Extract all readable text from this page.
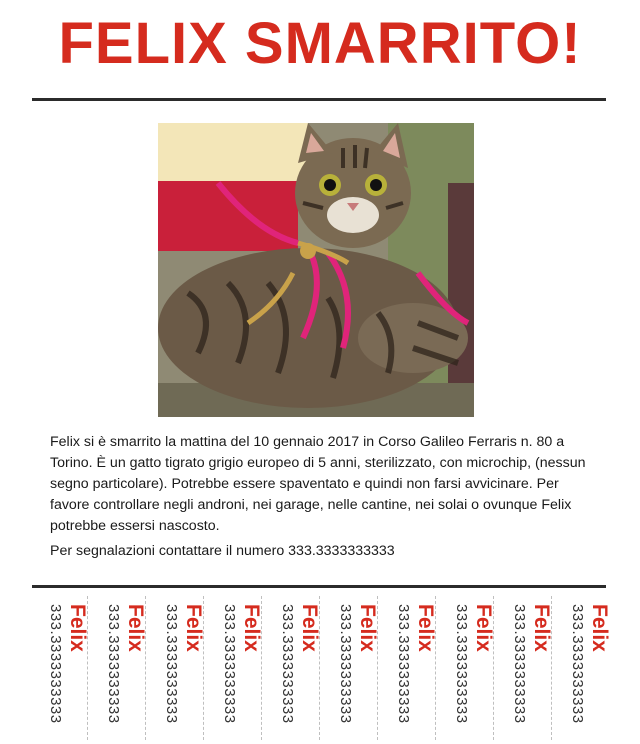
FELIX SMARRITO!

Felix si è smarrito la mattina del 10 gennaio 2017 in Corso Galileo Ferraris n. 80 a Torino. È un gatto tigrato grigio europeo di 5 anni, sterilizzato, con microchip, (nessun segno particolare). Potrebbe essere spaventato e quindi non farsi avvicinare. Per favore controllare negli androni, nei garage, nelle cantine, nei solai o ovunque Felix potrebbe essersi nascosto.

Per segnalazioni contattare il numero 333.3333333333

Felix
333.3333333333	Felix
333.3333333333	Felix
333.3333333333	Felix
333.3333333333	Felix
333.3333333333	Felix
333.3333333333	Felix
333.3333333333	Felix
333.3333333333	Felix
333.3333333333	Felix
333.3333333333
